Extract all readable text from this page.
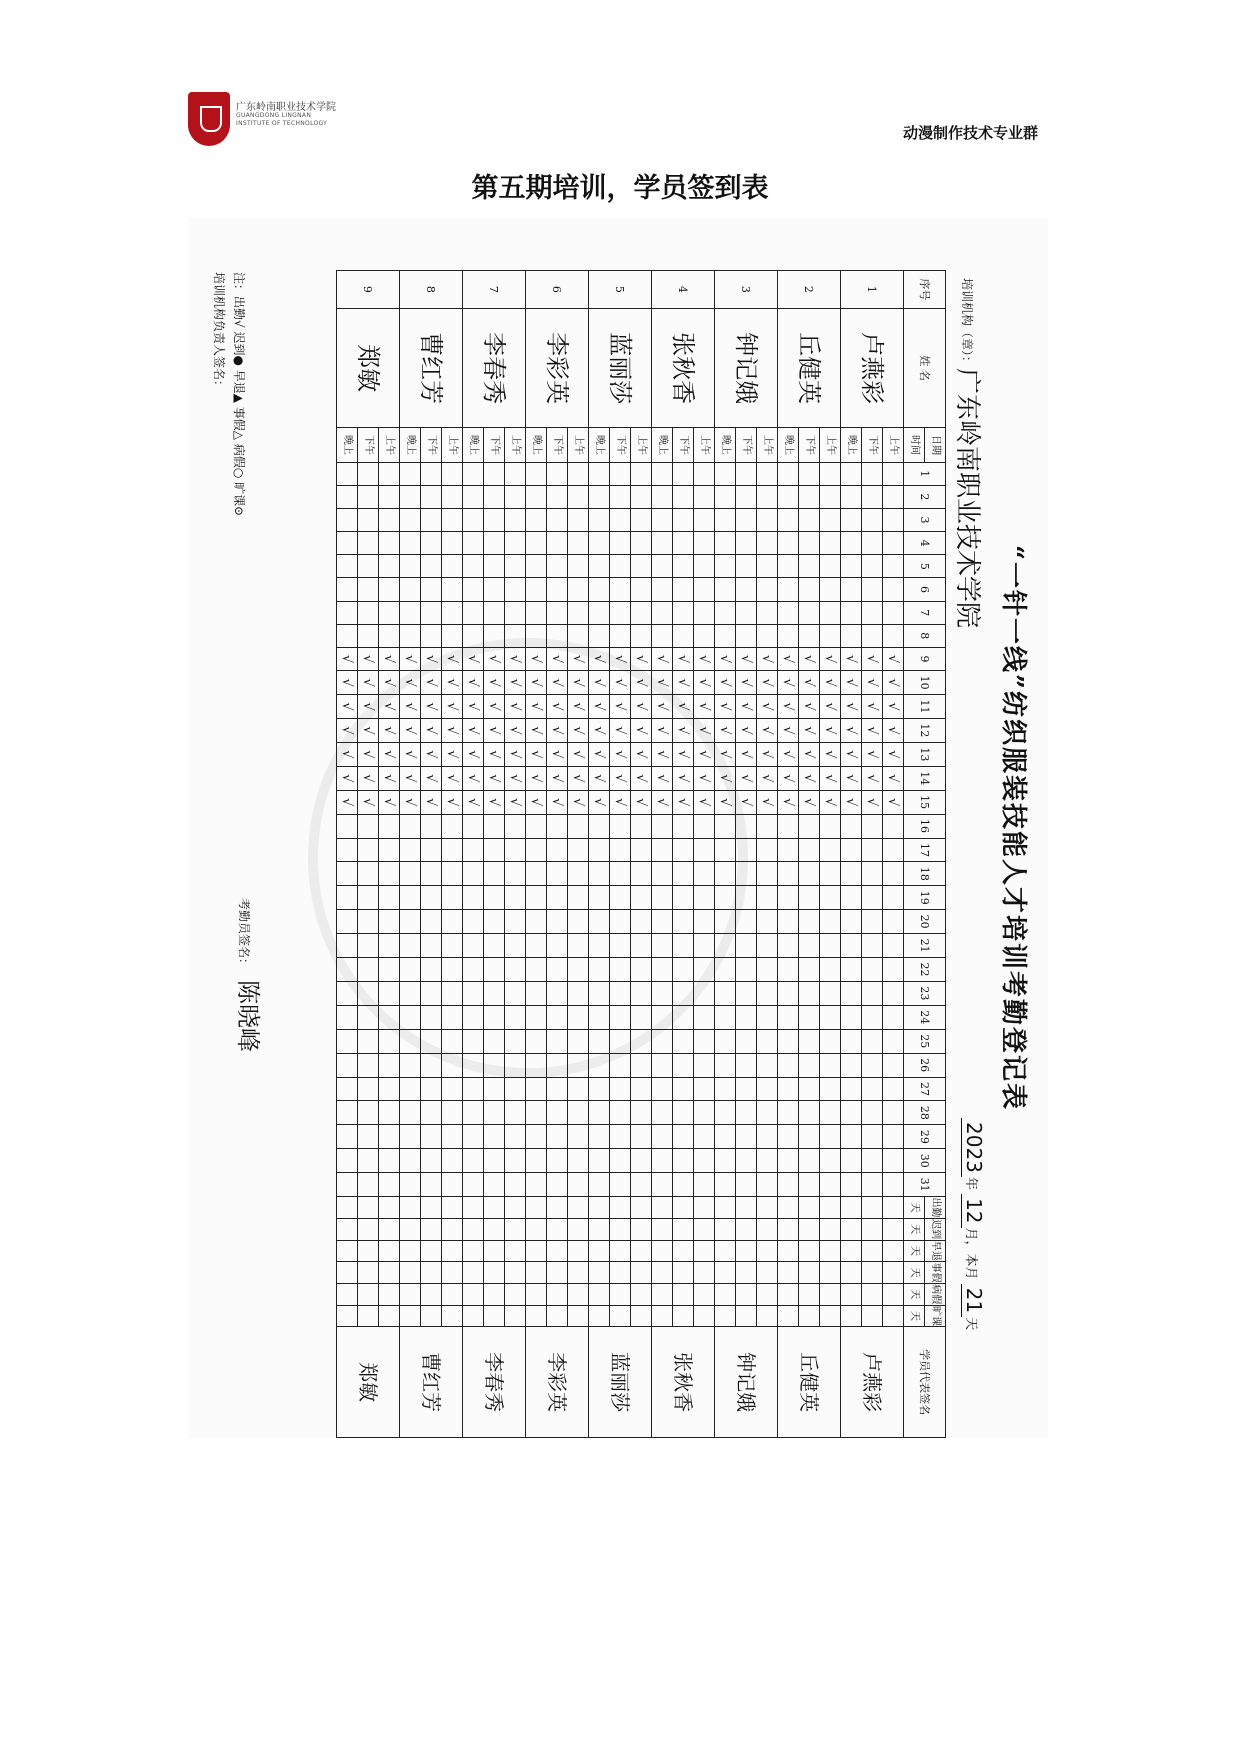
广东岭南职业技术学院
GUANGDONG LINGNAN
INSTITUTE OF TECHNOLOGY
动漫制作技术专业群
第五期培训，学员签到表
“一针一线”纺织服装技能人才培训考勤登记表
培训机构（章）：
广东岭南职业技术学院
2023年 12月，本月 21天
序号	姓 名	日期	1	2	3	4	5	6	7	8	9	10	11	12	13	14	15	16	17	18	19	20	21	22	23	24	25	26	27	28	29	30	31	出勤	迟到	早退	事假	病假	旷课	学员代表签名
		时间																																天	天	天	天	天	天	
1	卢燕彩	上午									√	√	√	√	√	√	√																							卢燕彩
		下午									√	√	√	√	√	√	√																							
		晚上									√	√	√	√	√	√	√																							
2	丘健英	上午									√	√	√	√	√	√	√																							丘健英
		下午									√	√	√	√	√	√	√																							
		晚上									√	√	√	√	√	√	√																							
3	钟记娥	上午									√	√	√	√	√	√	√																							钟记娥
		下午									√	√	√	√	√	√	√																							
		晚上									√	√	√	√	√	√	√																							
4	张秋香	上午									√	√	√	√	√	√	√																							张秋香
		下午									√	√	√	√	√	√	√																							
		晚上									√	√	√	√	√	√	√																							
5	蓝丽莎	上午									√	√	√	√	√	√	√																							蓝丽莎
		下午									√	√	√	√	√	√	√																							
		晚上									√	√	√	√	√	√	√																							
6	李彩英	上午									√	√	√	√	√	√	√																							李彩英
		下午									√	√	√	√	√	√	√																							
		晚上									√	√	√	√	√	√	√																							
7	李春秀	上午									√	√	√	√	√	√	√																							李春秀
		下午									√	√	√	√	√	√	√																							
		晚上									√	√	√	√	√	√	√																							
8	曹红芳	上午									√	√	√	√	√	√	√																							曹红芳
		下午									√	√	√	√	√	√	√																							
		晚上									√	√	√	√	√	√	√																							
9	郑敏	上午									√	√	√	√	√	√	√																							郑敏
		下午									√	√	√	√	√	√	√																							
		晚上									√	√	√	√	√	√	√																							
培训机构负责人签名： 注：出勤√ 迟到● 早退▲ 事假△ 病假○ 旷课⊙
考勤员签名：陈晓峰
